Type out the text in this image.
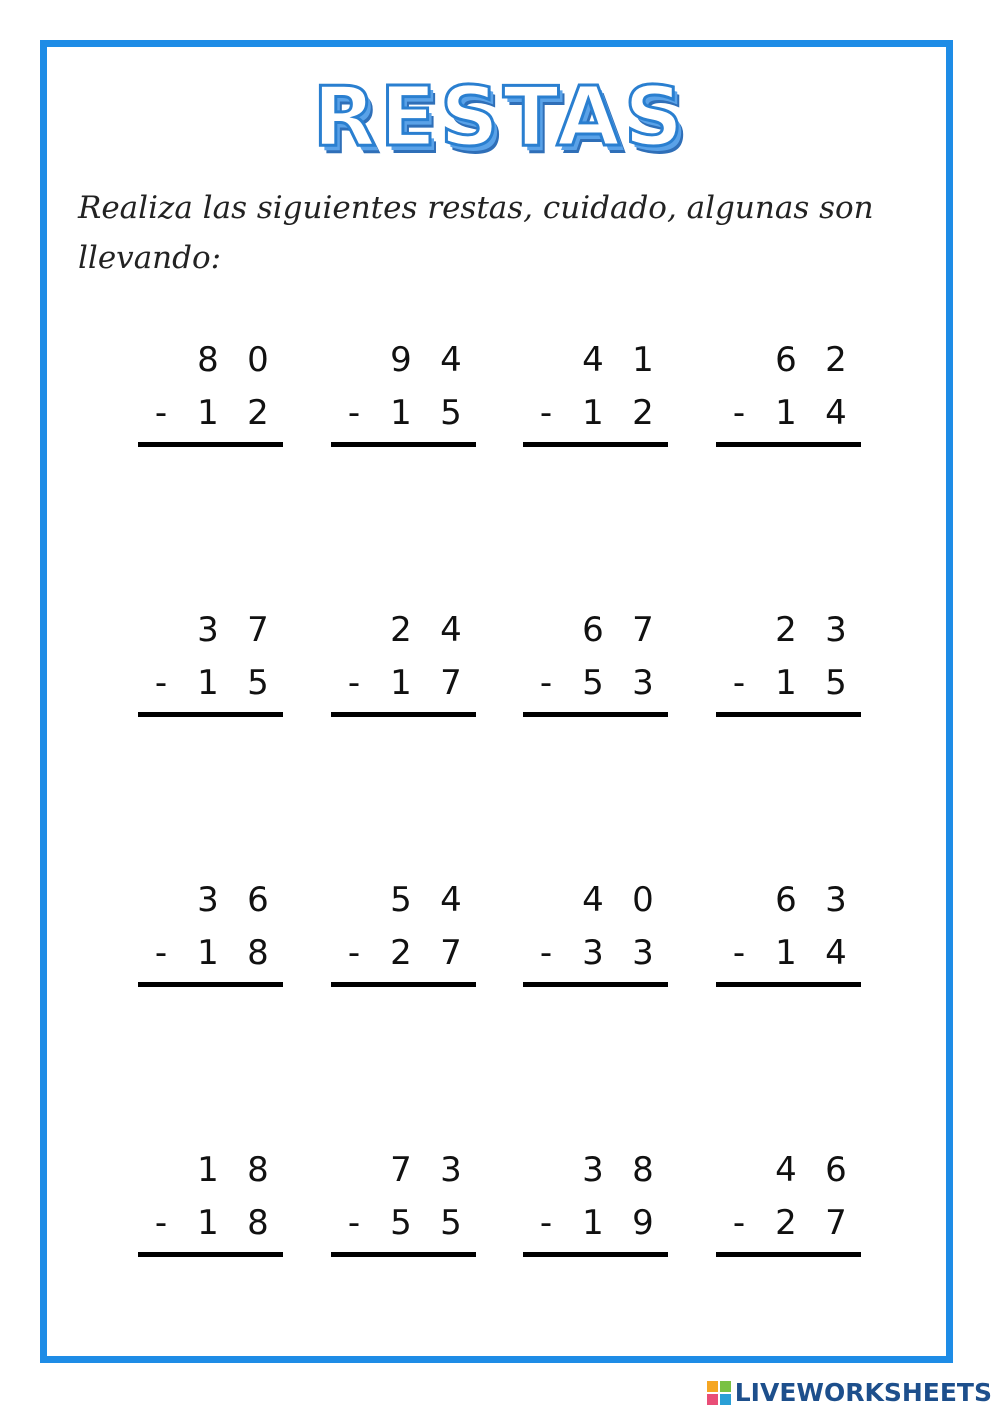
RESTAS
Realiza las siguientes restas, cuidado, algunas son llevando:
8 0
- 1 2
9 4
- 1 5
4 1
- 1 2
6 2
- 1 4
3 7
- 1 5
2 4
- 1 7
6 7
- 5 3
2 3
- 1 5
3 6
- 1 8
5 4
- 2 7
4 0
- 3 3
6 3
- 1 4
1 8
- 1 8
7 3
- 5 5
3 8
- 1 9
4 6
- 2 7
LIVEWORKSHEETS
